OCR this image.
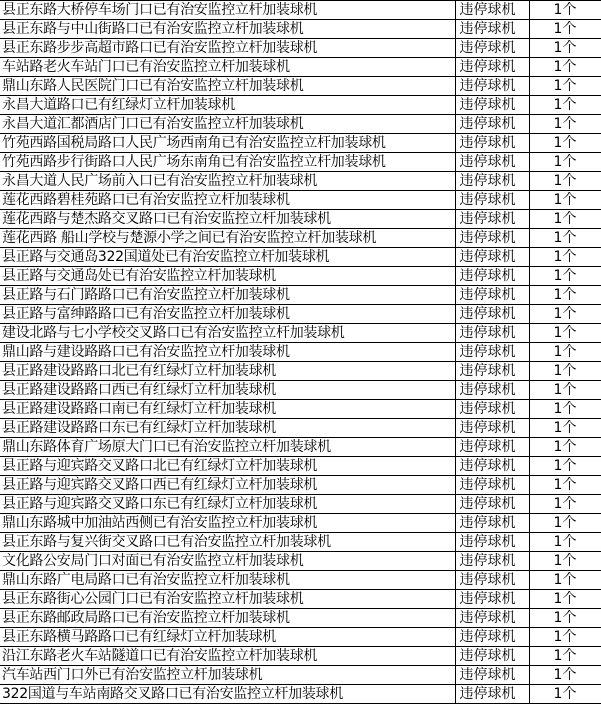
县正东路大桥停车场门口已有治安监控立杆加装球机	违停球机	1个
县正东路与中山街路口已有治安监控立杆加装球机	违停球机	1个
县正东路步步高超市路口已有治安监控立杆加装球机	违停球机	1个
车站路老火车站门口已有治安监控立杆加装球机	违停球机	1个
鼎山东路人民医院门口已有治安监控立杆加装球机	违停球机	1个
永昌大道路口已有红绿灯立杆加装球机	违停球机	1个
永昌大道汇都酒店门口已有治安监控立杆加装球机	违停球机	1个
竹苑西路国税局路口人民广场西南角已有治安监控立杆加装球机	违停球机	1个
竹苑西路步行街路口人民广场东南角已有治安监控立杆加装球机	违停球机	1个
永昌大道人民广场前入口已有治安监控立杆加装球机	违停球机	1个
莲花西路碧桂苑路口已有治安监控立杆加装球机	违停球机	1个
莲花西路与楚杰路交叉路口已有治安监控立杆加装球机	违停球机	1个
莲花西路 船山学校与楚源小学之间已有治安监控立杆加装球机	违停球机	1个
县正路与交通岛322国道处已有治安监控立杆加装球机	违停球机	1个
县正路与交通岛处已有治安监控立杆加装球机	违停球机	1个
县正路与石门路路口已有治安监控立杆加装球机	违停球机	1个
县正路与富绅路路口已有治安监控立杆加装球机	违停球机	1个
建设北路与七小学校交叉路口已有治安监控立杆加装球机	违停球机	1个
鼎山路与建设路路口已有治安监控立杆加装球机	违停球机	1个
县正路建设路路口北已有红绿灯立杆加装球机	违停球机	1个
县正路建设路路口西已有红绿灯立杆加装球机	违停球机	1个
县正路建设路路口南已有红绿灯立杆加装球机	违停球机	1个
县正路建设路路口东已有红绿灯立杆加装球机	违停球机	1个
鼎山东路体育广场原大门口已有治安监控立杆加装球机	违停球机	1个
县正路与迎宾路交叉路口北已有红绿灯立杆加装球机	违停球机	1个
县正路与迎宾路交叉路口西已有红绿灯立杆加装球机	违停球机	1个
县正路与迎宾路交叉路口东已有红绿灯立杆加装球机	违停球机	1个
鼎山东路城中加油站西侧已有治安监控立杆加装球机	违停球机	1个
县正东路与复兴街交叉路口已有治安监控立杆加装球机	违停球机	1个
文化路公安局门口对面已有治安监控立杆加装球机	违停球机	1个
鼎山东路广电局路口已有治安监控立杆加装球机	违停球机	1个
县正东路街心公园门口已有治安监控立杆加装球机	违停球机	1个
县正东路邮政局路口已有治安监控立杆加装球机	违停球机	1个
县正东路横马路路口已有红绿灯立杆加装球机	违停球机	1个
沿江东路老火车站隧道口已有治安监控立杆加装球机	违停球机	1个
汽车站西门口外已有治安监控立杆加装球机	违停球机	1个
322国道与车站南路交叉路口已有治安监控立杆加装球机	违停球机	1个
